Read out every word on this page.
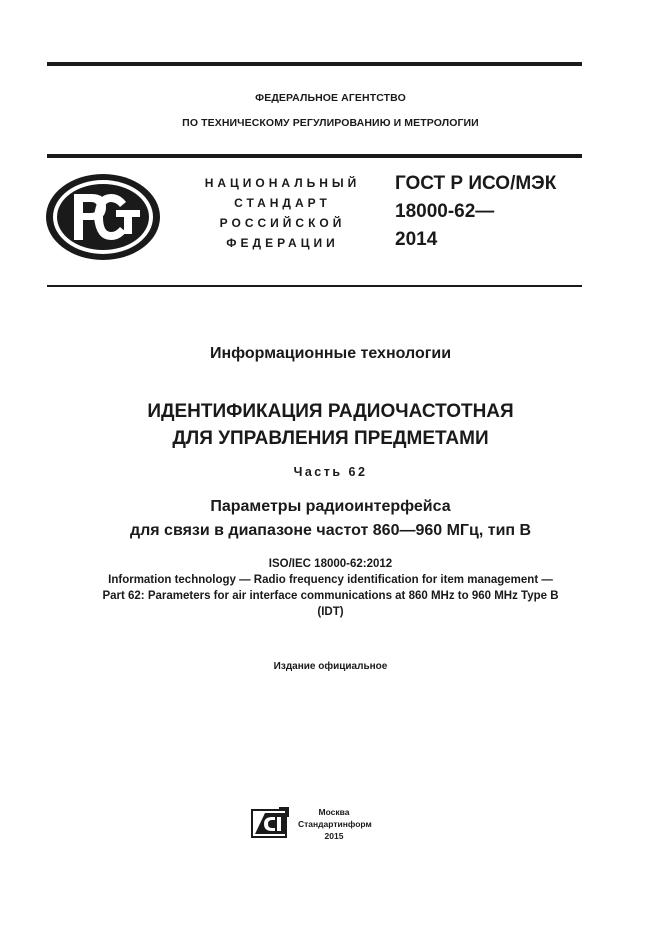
ФЕДЕРАЛЬНОЕ АГЕНТСТВО
ПО ТЕХНИЧЕСКОМУ РЕГУЛИРОВАНИЮ И МЕТРОЛОГИИ
НАЦИОНАЛЬНЫЙ
СТАНДАРТ
РОССИЙСКОЙ
ФЕДЕРАЦИИ
ГОСТ Р ИСО/МЭК
18000-62—
2014
Информационные технологии
ИДЕНТИФИКАЦИЯ РАДИОЧАСТОТНАЯ
ДЛЯ УПРАВЛЕНИЯ ПРЕДМЕТАМИ
Часть 62
Параметры радиоинтерфейса
для связи в диапазоне частот 860—960 МГц, тип В
ISO/IEC 18000-62:2012
Information technology — Radio frequency identification for item management —
Part 62: Parameters for air interface communications at 860 MHz to 960 MHz Type B
(IDT)
Издание официальное
Москва
Стандартинформ
2015
